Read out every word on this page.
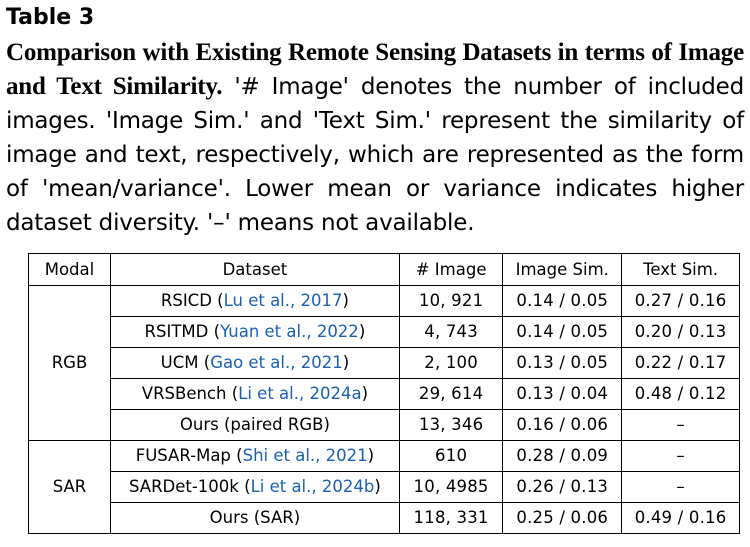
Table 3
Comparison with Existing Remote Sensing Datasets in terms of Image and Text Similarity. '# Image' denotes the number of included images. 'Image Sim.' and 'Text Sim.' represent the similarity of image and text, respectively, which are represented as the form of 'mean/variance'. Lower mean or variance indicates higher dataset diversity. '–' means not available.
Modal	Dataset	# Image	Image Sim.	Text Sim.
RGB	RSICD (Lu et al., 2017)	10, 921	0.14 / 0.05	0.27 / 0.16
	RSITMD (Yuan et al., 2022)	4, 743	0.14 / 0.05	0.20 / 0.13
	UCM (Gao et al., 2021)	2, 100	0.13 / 0.05	0.22 / 0.17
	VRSBench (Li et al., 2024a)	29, 614	0.13 / 0.04	0.48 / 0.12
	Ours (paired RGB)	13, 346	0.16 / 0.06	–
SAR	FUSAR-Map (Shi et al., 2021)	610	0.28 / 0.09	–
	SARDet-100k (Li et al., 2024b)	10, 4985	0.26 / 0.13	–
	Ours (SAR)	118, 331	0.25 / 0.06	0.49 / 0.16
